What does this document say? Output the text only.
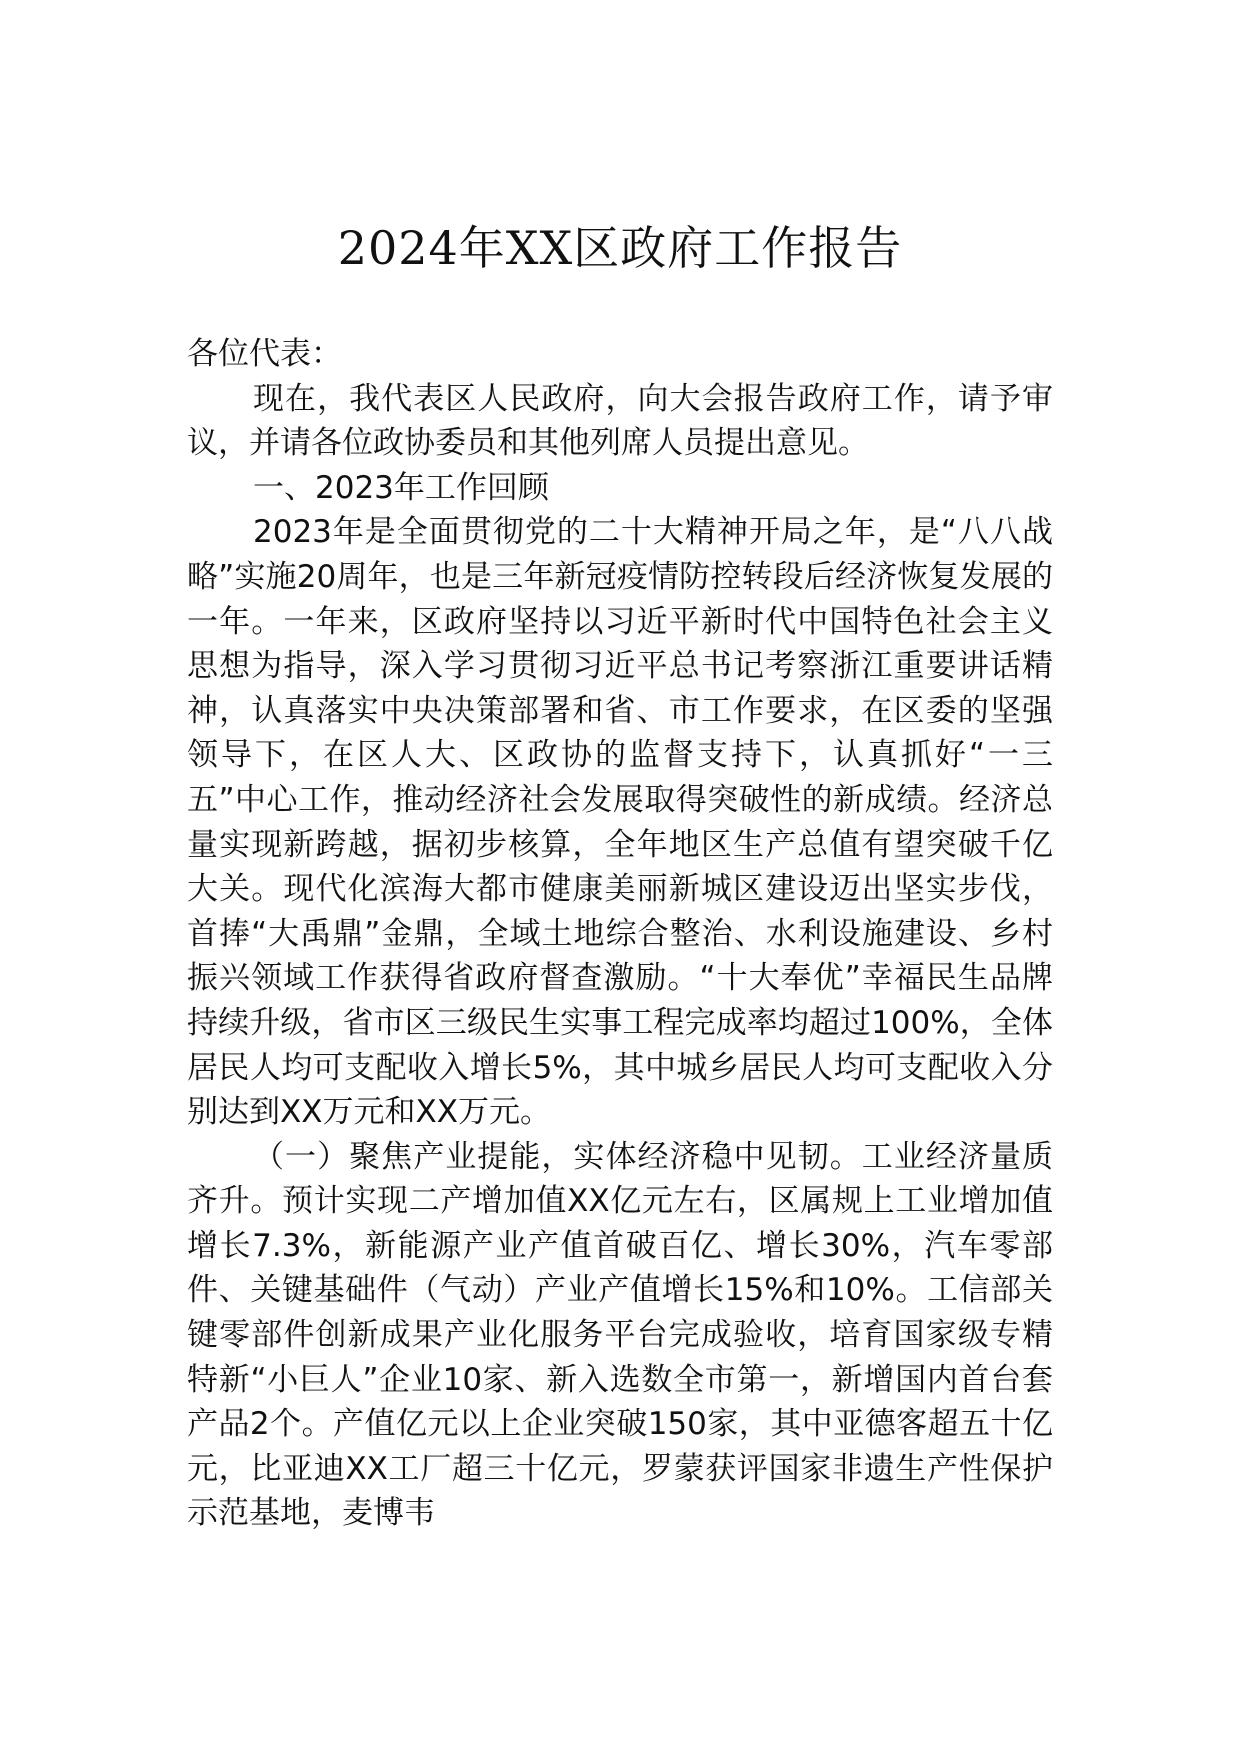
2024年XX区政府工作报告

各位代表：

现在，我代表区人民政府，向大会报告政府工作，请予审议，并请各位政协委员和其他列席人员提出意见。

一、2023年工作回顾

2023年是全面贯彻党的二十大精神开局之年，是“八八战略”实施20周年，也是三年新冠疫情防控转段后经济恢复发展的一年。一年来，区政府坚持以习近平新时代中国特色社会主义思想为指导，深入学习贯彻习近平总书记考察浙江重要讲话精神，认真落实中央决策部署和省、市工作要求，在区委的坚强领导下，在区人大、区政协的监督支持下，认真抓好“一三五”中心工作，推动经济社会发展取得突破性的新成绩。经济总量实现新跨越，据初步核算，全年地区生产总值有望突破千亿大关。现代化滨海大都市健康美丽新城区建设迈出坚实步伐，首捧“大禹鼎”金鼎，全域土地综合整治、水利设施建设、乡村振兴领域工作获得省政府督查激励。“十大奉优”幸福民生品牌持续升级，省市区三级民生实事工程完成率均超过100%，全体居民人均可支配收入增长5%，其中城乡居民人均可支配收入分别达到XX万元和XX万元。

（一）聚焦产业提能，实体经济稳中见韧。工业经济量质齐升。预计实现二产增加值XX亿元左右，区属规上工业增加值增长7.3%，新能源产业产值首破百亿、增长30%，汽车零部件、关键基础件（气动）产业产值增长15%和10%。工信部关键零部件创新成果产业化服务平台完成验收，培育国家级专精特新“小巨人”企业10家、新入选数全市第一，新增国内首台套产品2个。产值亿元以上企业突破150家，其中亚德客超五十亿元，比亚迪XX工厂超三十亿元，罗蒙获评国家非遗生产性保护示范基地，麦博韦
